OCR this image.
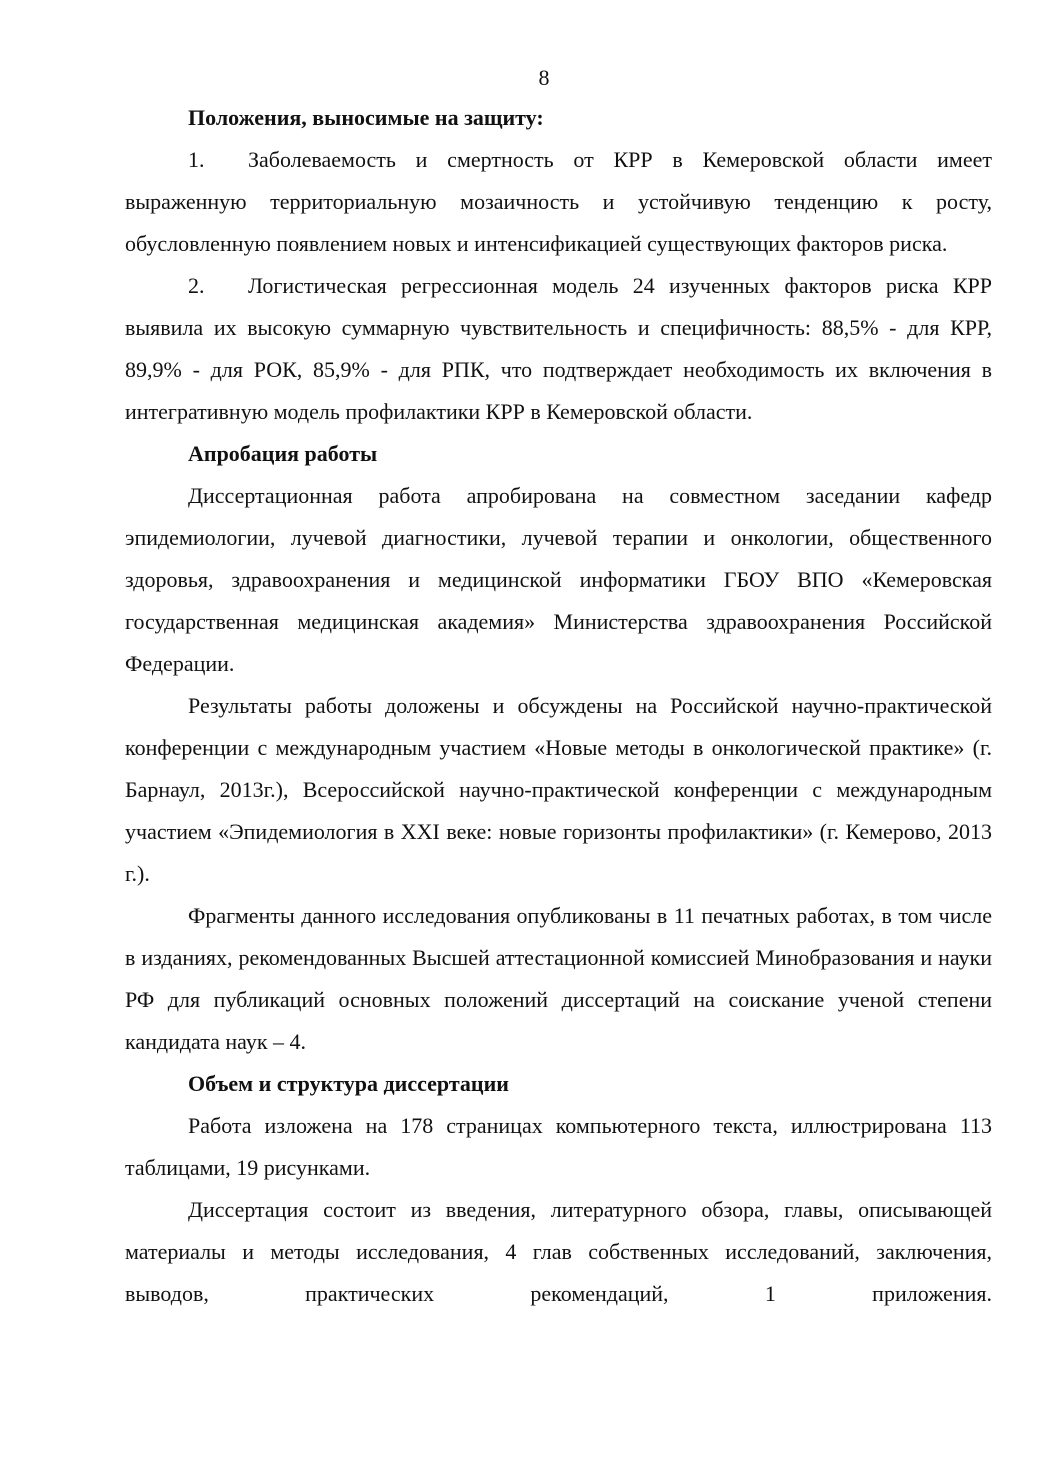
8

Положения, выносимые на защиту:

1. Заболеваемость и смертность от КРР в Кемеровской области имеет выраженную территориальную мозаичность и устойчивую тенденцию к росту, обусловленную появлением новых и интенсификацией существующих факторов риска.

2. Логистическая регрессионная модель 24 изученных факторов риска КРР выявила их высокую суммарную чувствительность и специфичность: 88,5% - для КРР, 89,9% - для РОК, 85,9% - для РПК, что подтверждает необходимость их включения в интегративную модель профилактики КРР в Кемеровской области.

Апробация работы

Диссертационная работа апробирована на совместном заседании кафедр эпидемиологии, лучевой диагностики, лучевой терапии и онкологии, общественного здоровья, здравоохранения и медицинской информатики ГБОУ ВПО «Кемеровская государственная медицинская академия» Министерства здравоохранения Российской Федерации.

Результаты работы доложены и обсуждены на Российской научно-практической конференции с международным участием «Новые методы в онкологической практике» (г. Барнаул, 2013г.), Всероссийской научно-практической конференции с международным участием «Эпидемиология в XXI веке: новые горизонты профилактики» (г. Кемерово, 2013 г.).

Фрагменты данного исследования опубликованы в 11 печатных работах, в том числе в изданиях, рекомендованных Высшей аттестационной комиссией Минобразования и науки РФ для публикаций основных положений диссертаций на соискание ученой степени кандидата наук – 4.

Объем и структура диссертации

Работа изложена на 178 страницах компьютерного текста, иллюстрирована 113 таблицами, 19 рисунками.

Диссертация состоит из введения, литературного обзора, главы, описывающей материалы и методы исследования, 4 глав собственных исследований, заключения, выводов, практических рекомендаций, 1 приложения.
